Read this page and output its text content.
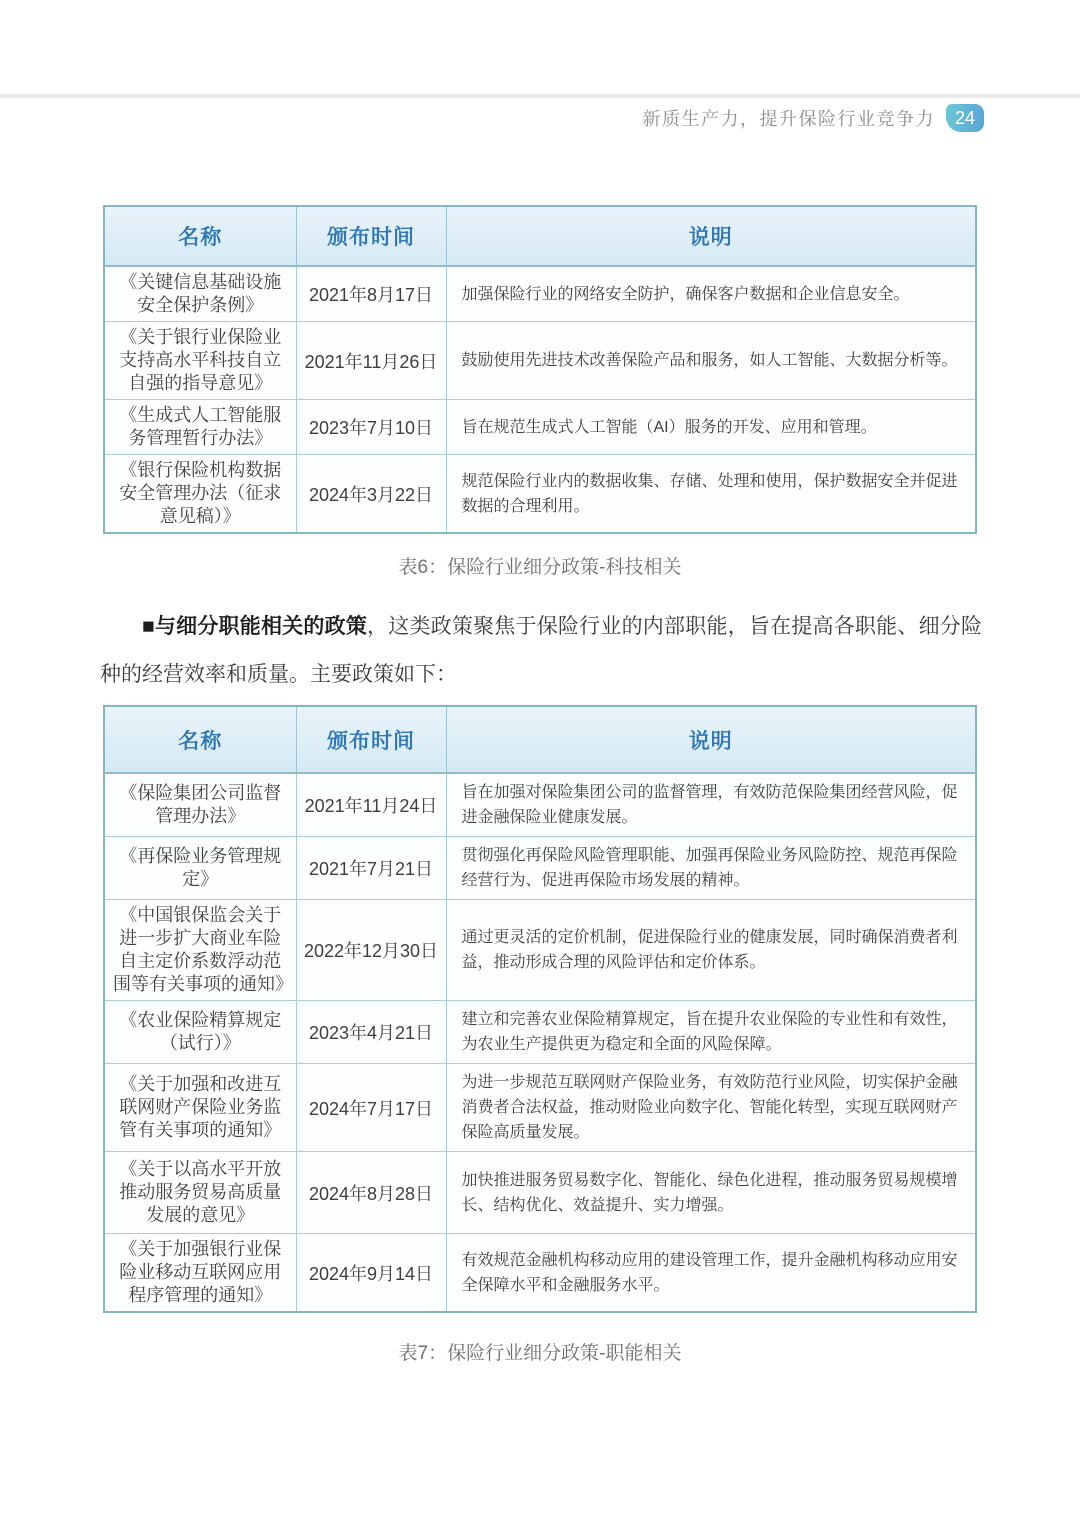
新质生产力，提升保险行业竞争力	24
名称	颁布时间	说明
《关键信息基础设施安全保护条例》	2021年8月17日	加强保险行业的网络安全防护，确保客户数据和企业信息安全。
《关于银行业保险业支持高水平科技自立自强的指导意见》	2021年11月26日	鼓励使用先进技术改善保险产品和服务，如人工智能、大数据分析等。
《生成式人工智能服务管理暂行办法》	2023年7月10日	旨在规范生成式人工智能（AI）服务的开发、应用和管理。
《银行保险机构数据安全管理办法（征求意见稿）》	2024年3月22日	规范保险行业内的数据收集、存储、处理和使用，保护数据安全并促进数据的合理利用。
表6：保险行业细分政策-科技相关

■与细分职能相关的政策，这类政策聚焦于保险行业的内部职能，旨在提高各职能、细分险种的经营效率和质量。主要政策如下：

名称	颁布时间	说明
《保险集团公司监督管理办法》	2021年11月24日	旨在加强对保险集团公司的监督管理，有效防范保险集团经营风险，促进金融保险业健康发展。
《再保险业务管理规定》	2021年7月21日	贯彻强化再保险风险管理职能、加强再保险业务风险防控、规范再保险经营行为、促进再保险市场发展的精神。
《中国银保监会关于进一步扩大商业车险自主定价系数浮动范围等有关事项的通知》	2022年12月30日	通过更灵活的定价机制，促进保险行业的健康发展，同时确保消费者利益，推动形成合理的风险评估和定价体系。
《农业保险精算规定（试行）》	2023年4月21日	建立和完善农业保险精算规定，旨在提升农业保险的专业性和有效性，为农业生产提供更为稳定和全面的风险保障。
《关于加强和改进互联网财产保险业务监管有关事项的通知》	2024年7月17日	为进一步规范互联网财产保险业务，有效防范行业风险，切实保护金融消费者合法权益，推动财险业向数字化、智能化转型，实现互联网财产保险高质量发展。
《关于以高水平开放推动服务贸易高质量发展的意见》	2024年8月28日	加快推进服务贸易数字化、智能化、绿色化进程，推动服务贸易规模增长、结构优化、效益提升、实力增强。
《关于加强银行业保险业移动互联网应用程序管理的通知》	2024年9月14日	有效规范金融机构移动应用的建设管理工作，提升金融机构移动应用安全保障水平和金融服务水平。
表7：保险行业细分政策-职能相关
